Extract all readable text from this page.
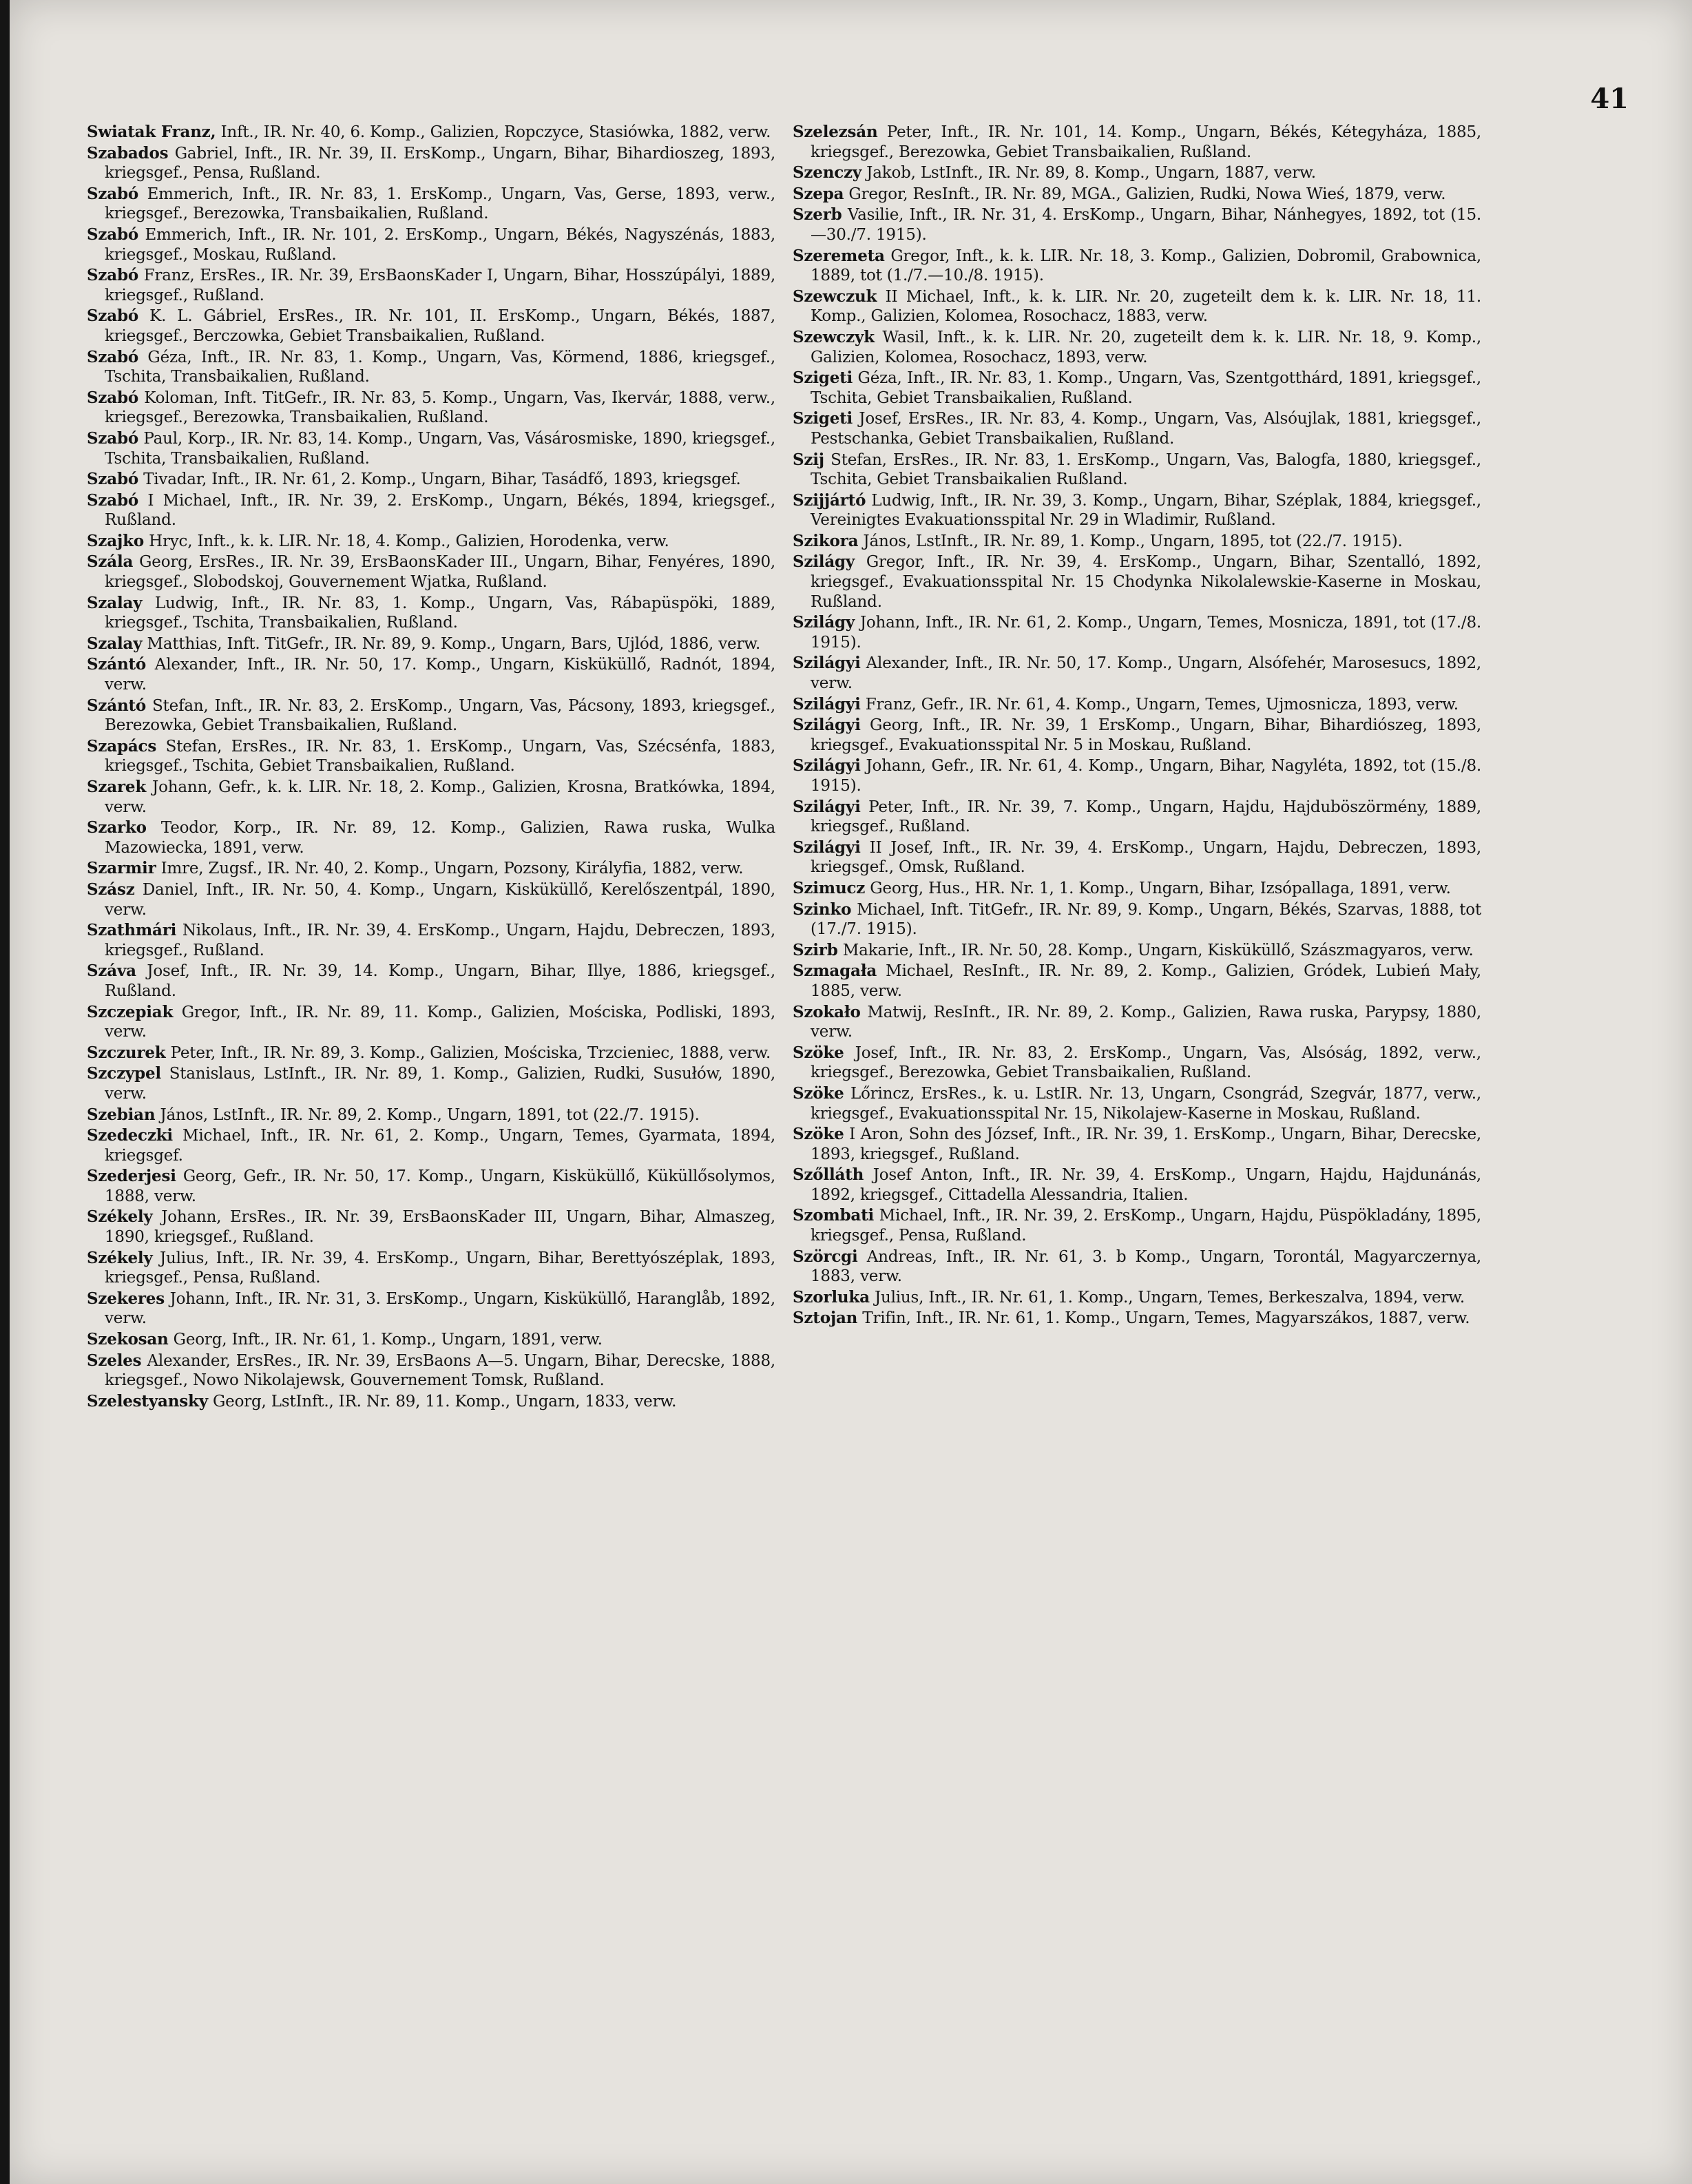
41

Swiatak Franz, Inft., IR. Nr. 40, 6. Komp., Galizien, Ropczyce, Stasiówka, 1882, verw.

Szabados Gabriel, Inft., IR. Nr. 39, II. ErsKomp., Ungarn, Bihar, Bihardioszeg, 1893, kriegsgef., Pensa, Rußland.

Szabó Emmerich, Inft., IR. Nr. 83, 1. ErsKomp., Ungarn, Vas, Gerse, 1893, verw., kriegsgef., Berezowka, Transbaikalien, Rußland.

Szabó Emmerich, Inft., IR. Nr. 101, 2. ErsKomp., Ungarn, Békés, Nagyszénás, 1883, kriegsgef., Moskau, Rußland.

Szabó Franz, ErsRes., IR. Nr. 39, ErsBaonsKader I, Ungarn, Bihar, Hosszúpályi, 1889, kriegsgef., Rußland.

Szabó K. L. Gábriel, ErsRes., IR. Nr. 101, II. ErsKomp., Ungarn, Békés, 1887, kriegsgef., Berczowka, Gebiet Transbaikalien, Rußland.

Szabó Géza, Inft., IR. Nr. 83, 1. Komp., Ungarn, Vas, Körmend, 1886, kriegsgef., Tschita, Transbaikalien, Rußland.

Szabó Koloman, Inft. TitGefr., IR. Nr. 83, 5. Komp., Ungarn, Vas, Ikervár, 1888, verw., kriegsgef., Berezowka, Transbaikalien, Rußland.

Szabó Paul, Korp., IR. Nr. 83, 14. Komp., Ungarn, Vas, Vásárosmiske, 1890, kriegsgef., Tschita, Transbaikalien, Rußland.

Szabó Tivadar, Inft., IR. Nr. 61, 2. Komp., Ungarn, Bihar, Tasádfő, 1893, kriegsgef.

Szabó I Michael, Inft., IR. Nr. 39, 2. ErsKomp., Ungarn, Békés, 1894, kriegsgef., Rußland.

Szajko Hryc, Inft., k. k. LIR. Nr. 18, 4. Komp., Galizien, Horodenka, verw.

Szála Georg, ErsRes., IR. Nr. 39, ErsBaonsKader III., Ungarn, Bihar, Fenyéres, 1890, kriegsgef., Slobodskoj, Gouvernement Wjatka, Rußland.

Szalay Ludwig, Inft., IR. Nr. 83, 1. Komp., Ungarn, Vas, Rábapüspöki, 1889, kriegsgef., Tschita, Transbaikalien, Rußland.

Szalay Matthias, Inft. TitGefr., IR. Nr. 89, 9. Komp., Ungarn, Bars, Ujlód, 1886, verw.

Szántó Alexander, Inft., IR. Nr. 50, 17. Komp., Ungarn, Kisküküllő, Radnót, 1894, verw.

Szántó Stefan, Inft., IR. Nr. 83, 2. ErsKomp., Ungarn, Vas, Pácsony, 1893, kriegsgef., Berezowka, Gebiet Transbaikalien, Rußland.

Szapács Stefan, ErsRes., IR. Nr. 83, 1. ErsKomp., Ungarn, Vas, Szécsénfa, 1883, kriegsgef., Tschita, Gebiet Transbaikalien, Rußland.

Szarek Johann, Gefr., k. k. LIR. Nr. 18, 2. Komp., Galizien, Krosna, Bratkówka, 1894, verw.

Szarko Teodor, Korp., IR. Nr. 89, 12. Komp., Galizien, Rawa ruska, Wulka Mazowiecka, 1891, verw.

Szarmir Imre, Zugsf., IR. Nr. 40, 2. Komp., Ungarn, Pozsony, Királyfia, 1882, verw.

Szász Daniel, Inft., IR. Nr. 50, 4. Komp., Ungarn, Kisküküllő, Kerelőszentpál, 1890, verw.

Szathmári Nikolaus, Inft., IR. Nr. 39, 4. ErsKomp., Ungarn, Hajdu, Debreczen, 1893, kriegsgef., Rußland.

Száva Josef, Inft., IR. Nr. 39, 14. Komp., Ungarn, Bihar, Illye, 1886, kriegsgef., Rußland.

Szczepiak Gregor, Inft., IR. Nr. 89, 11. Komp., Galizien, Mościska, Podliski, 1893, verw.

Szczurek Peter, Inft., IR. Nr. 89, 3. Komp., Galizien, Mościska, Trzcieniec, 1888, verw.

Szczypel Stanislaus, LstInft., IR. Nr. 89, 1. Komp., Galizien, Rudki, Susułów, 1890, verw.

Szebian János, LstInft., IR. Nr. 89, 2. Komp., Ungarn, 1891, tot (22./7. 1915).

Szedeczki Michael, Inft., IR. Nr. 61, 2. Komp., Ungarn, Temes, Gyarmata, 1894, kriegsgef.

Szederjesi Georg, Gefr., IR. Nr. 50, 17. Komp., Ungarn, Kisküküllő, Küküllősolymos, 1888, verw.

Székely Johann, ErsRes., IR. Nr. 39, ErsBaonsKader III, Ungarn, Bihar, Almaszeg, 1890, kriegsgef., Rußland.

Székely Julius, Inft., IR. Nr. 39, 4. ErsKomp., Ungarn, Bihar, Berettyószéplak, 1893, kriegsgef., Pensa, Rußland.

Szekeres Johann, Inft., IR. Nr. 31, 3. ErsKomp., Ungarn, Kisküküllő, Haranglåb, 1892, verw.

Szekosan Georg, Inft., IR. Nr. 61, 1. Komp., Ungarn, 1891, verw.

Szeles Alexander, ErsRes., IR. Nr. 39, ErsBaons A—5. Ungarn, Bihar, Derecske, 1888, kriegsgef., Nowo Nikolajewsk, Gouvernement Tomsk, Rußland.

Szelestyansky Georg, LstInft., IR. Nr. 89, 11. Komp., Ungarn, 1833, verw.

Szelezsán Peter, Inft., IR. Nr. 101, 14. Komp., Ungarn, Békés, Kétegyháza, 1885, kriegsgef., Berezowka, Gebiet Transbaikalien, Rußland.

Szenczy Jakob, LstInft., IR. Nr. 89, 8. Komp., Ungarn, 1887, verw.

Szepa Gregor, ResInft., IR. Nr. 89, MGA., Galizien, Rudki, Nowa Wieś, 1879, verw.

Szerb Vasilie, Inft., IR. Nr. 31, 4. ErsKomp., Ungarn, Bihar, Nánhegyes, 1892, tot (15.—30./7. 1915).

Szeremeta Gregor, Inft., k. k. LIR. Nr. 18, 3. Komp., Galizien, Dobromil, Grabownica, 1889, tot (1./7.—10./8. 1915).

Szewczuk II Michael, Inft., k. k. LIR. Nr. 20, zugeteilt dem k. k. LIR. Nr. 18, 11. Komp., Galizien, Kolomea, Rosochacz, 1883, verw.

Szewczyk Wasil, Inft., k. k. LIR. Nr. 20, zugeteilt dem k. k. LIR. Nr. 18, 9. Komp., Galizien, Kolomea, Rosochacz, 1893, verw.

Szigeti Géza, Inft., IR. Nr. 83, 1. Komp., Ungarn, Vas, Szentgotthárd, 1891, kriegsgef., Tschita, Gebiet Transbaikalien, Rußland.

Szigeti Josef, ErsRes., IR. Nr. 83, 4. Komp., Ungarn, Vas, Alsóujlak, 1881, kriegsgef., Pestschanka, Gebiet Transbaikalien, Rußland.

Szij Stefan, ErsRes., IR. Nr. 83, 1. ErsKomp., Ungarn, Vas, Balogfa, 1880, kriegsgef., Tschita, Gebiet Transbaikalien Rußland.

Szijjártó Ludwig, Inft., IR. Nr. 39, 3. Komp., Ungarn, Bihar, Széplak, 1884, kriegsgef., Vereinigtes Evakuationsspital Nr. 29 in Wladimir, Rußland.

Szikora János, LstInft., IR. Nr. 89, 1. Komp., Ungarn, 1895, tot (22./7. 1915).

Szilágy Gregor, Inft., IR. Nr. 39, 4. ErsKomp., Ungarn, Bihar, Szentalló, 1892, kriegsgef., Evakuationsspital Nr. 15 Chodynka Nikolalewskie-Kaserne in Moskau, Rußland.

Szilágy Johann, Inft., IR. Nr. 61, 2. Komp., Ungarn, Temes, Mosnicza, 1891, tot (17./8. 1915).

Szilágyi Alexander, Inft., IR. Nr. 50, 17. Komp., Ungarn, Alsófehér, Marosesucs, 1892, verw.

Szilágyi Franz, Gefr., IR. Nr. 61, 4. Komp., Ungarn, Temes, Ujmosnicza, 1893, verw.

Szilágyi Georg, Inft., IR. Nr. 39, 1 ErsKomp., Ungarn, Bihar, Bihardiószeg, 1893, kriegsgef., Evakuationsspital Nr. 5 in Moskau, Rußland.

Szilágyi Johann, Gefr., IR. Nr. 61, 4. Komp., Ungarn, Bihar, Nagyléta, 1892, tot (15./8. 1915).

Szilágyi Peter, Inft., IR. Nr. 39, 7. Komp., Ungarn, Hajdu, Hajduböszörmény, 1889, kriegsgef., Rußland.

Szilágyi II Josef, Inft., IR. Nr. 39, 4. ErsKomp., Ungarn, Hajdu, Debreczen, 1893, kriegsgef., Omsk, Rußland.

Szimucz Georg, Hus., HR. Nr. 1, 1. Komp., Ungarn, Bihar, Izsópallaga, 1891, verw.

Szinko Michael, Inft. TitGefr., IR. Nr. 89, 9. Komp., Ungarn, Békés, Szarvas, 1888, tot (17./7. 1915).

Szirb Makarie, Inft., IR. Nr. 50, 28. Komp., Ungarn, Kisküküllő, Szászmagyaros, verw.

Szmagała Michael, ResInft., IR. Nr. 89, 2. Komp., Galizien, Gródek, Lubień Mały, 1885, verw.

Szokało Matwij, ResInft., IR. Nr. 89, 2. Komp., Galizien, Rawa ruska, Parypsy, 1880, verw.

Szöke Josef, Inft., IR. Nr. 83, 2. ErsKomp., Ungarn, Vas, Alsóság, 1892, verw., kriegsgef., Berezowka, Gebiet Transbaikalien, Rußland.

Szöke Lőrincz, ErsRes., k. u. LstIR. Nr. 13, Ungarn, Csongrád, Szegvár, 1877, verw., kriegsgef., Evakuationsspital Nr. 15, Nikolajew-Kaserne in Moskau, Rußland.

Szöke I Aron, Sohn des József, Inft., IR. Nr. 39, 1. ErsKomp., Ungarn, Bihar, Derecske, 1893, kriegsgef., Rußland.

Szőlláth Josef Anton, Inft., IR. Nr. 39, 4. ErsKomp., Ungarn, Hajdu, Hajdunánás, 1892, kriegsgef., Cittadella Alessandria, Italien.

Szombati Michael, Inft., IR. Nr. 39, 2. ErsKomp., Ungarn, Hajdu, Püspökladány, 1895, kriegsgef., Pensa, Rußland.

Szörcgi Andreas, Inft., IR. Nr. 61, 3. b Komp., Ungarn, Torontál, Magyarczernya, 1883, verw.

Szorluka Julius, Inft., IR. Nr. 61, 1. Komp., Ungarn, Temes, Berkeszalva, 1894, verw.

Sztojan Trifin, Inft., IR. Nr. 61, 1. Komp., Ungarn, Temes, Magyarszákos, 1887, verw.
